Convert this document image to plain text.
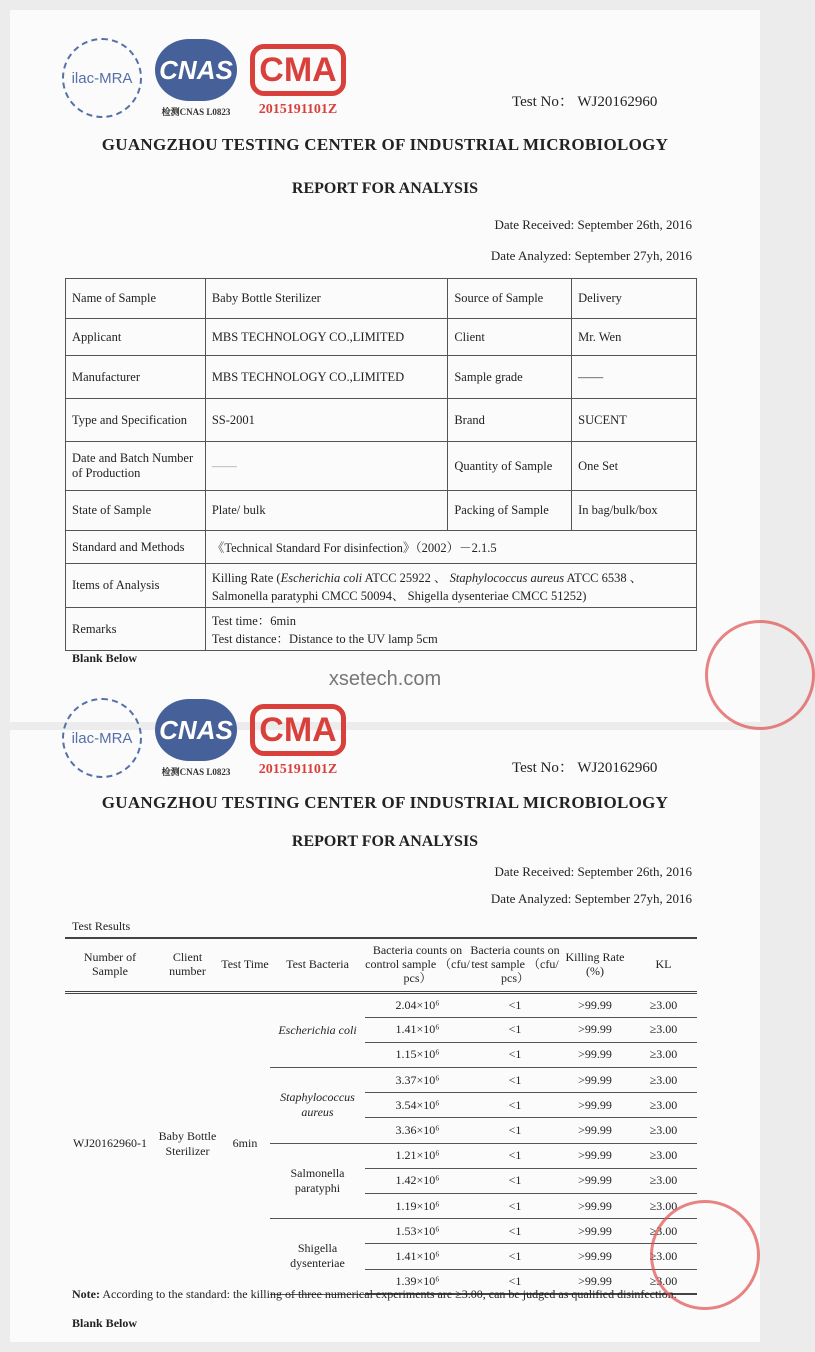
ilac-MRA	CNAS
检测CNAS L0823
CMA
2015191101Z	Test No： WJ20162960
GUANGZHOU TESTING CENTER OF INDUSTRIAL MICROBIOLOGY
REPORT FOR ANALYSIS
Date Received: September 26th, 2016
Date Analyzed: September 27yh, 2016
Name of Sample	Baby Bottle Sterilizer	Source of Sample	Delivery
Applicant	MBS TECHNOLOGY CO.,LIMITED	Client	Mr. Wen
Manufacturer	MBS TECHNOLOGY CO.,LIMITED	Sample grade	——
Type and Specification	SS-2001	Brand	SUCENT
Date and Batch Number of Production	——	Quantity of Sample	One Set
State of Sample	Plate/ bulk	Packing of Sample	In bag/bulk/box
Standard and Methods	《Technical Standard For disinfection》（2002）－2.1.5		
Items of Analysis	Killing Rate (Escherichia coli ATCC 25922 、 Staphylococcus aureus ATCC 6538 、 Salmonella paratyphi CMCC 50094、 Shigella dysenteriae CMCC 51252)		
Remarks	Test time：6min
Test distance：Distance to the UV lamp 5cm		
Blank Below
xsetech.com
ilac-MRA	CNAS
检测CNAS L0823
CMA
2015191101Z	Test No： WJ20162960
GUANGZHOU TESTING CENTER OF INDUSTRIAL MICROBIOLOGY
REPORT FOR ANALYSIS
Date Received: September 26th, 2016
Date Analyzed: September 27yh, 2016
Test Results
Number of Sample	Client number	Test Time	Test Bacteria	Bacteria counts on control sample （cfu/ pcs）	Bacteria counts on test sample （cfu/ pcs）	Killing Rate (%)	KL
WJ20162960-1	Baby Bottle Sterilizer	6min	Escherichia coli	2.04×10⁶	<1	>99.99	≥3.00
				1.41×10⁶	<1	>99.99	≥3.00
				1.15×10⁶	<1	>99.99	≥3.00
			Staphylococcus aureus	3.37×10⁶	<1	>99.99	≥3.00
				3.54×10⁶	<1	>99.99	≥3.00
				3.36×10⁶	<1	>99.99	≥3.00
			Salmonella paratyphi	1.21×10⁶	<1	>99.99	≥3.00
				1.42×10⁶	<1	>99.99	≥3.00
				1.19×10⁶	<1	>99.99	≥3.00
			Shigella dysenteriae	1.53×10⁶	<1	>99.99	≥3.00
				1.41×10⁶	<1	>99.99	≥3.00
				1.39×10⁶	<1	>99.99	≥3.00
Note: According to the standard: the killing of three numerical experiments are ≥3.00, can be judged as qualified disinfection.
Blank Below
